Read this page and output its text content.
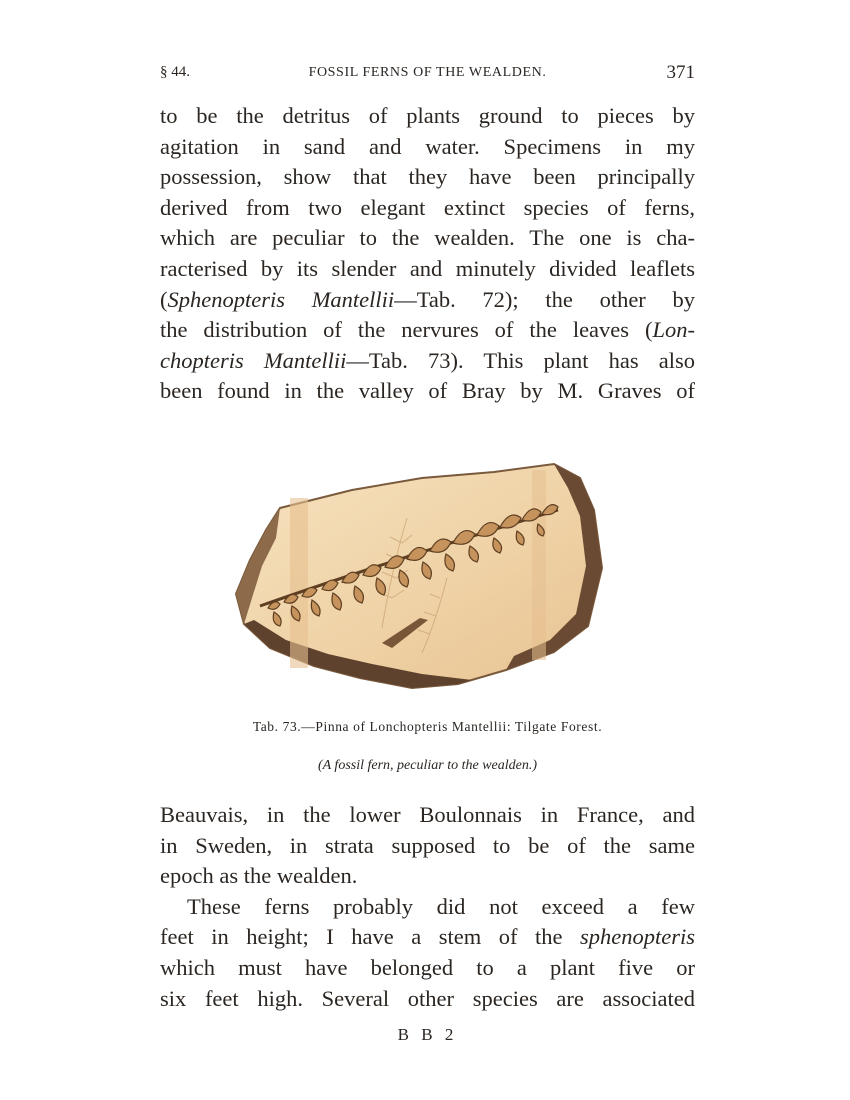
§ 44.	FOSSIL FERNS OF THE WEALDEN.	371
to be the detritus of plants ground to pieces by
agitation in sand and water. Specimens in my
possession, show that they have been principally
derived from two elegant extinct species of ferns,
which are peculiar to the wealden. The one is cha-
racterised by its slender and minutely divided leaflets
(Sphenopteris Mantellii—Tab. 72); the other by
the distribution of the nervures of the leaves (Lon-
chopteris Mantellii—Tab. 73). This plant has also
been found in the valley of Bray by M. Graves of
Tab. 73.—Pinna of Lonchopteris Mantellii: Tilgate Forest.
(A fossil fern, peculiar to the wealden.)
Beauvais, in the lower Boulonnais in France, and
in Sweden, in strata supposed to be of the same
epoch as the wealden.
These ferns probably did not exceed a few
feet in height; I have a stem of the sphenopteris
which must have belonged to a plant five or
six feet high. Several other species are associated
B B 2
